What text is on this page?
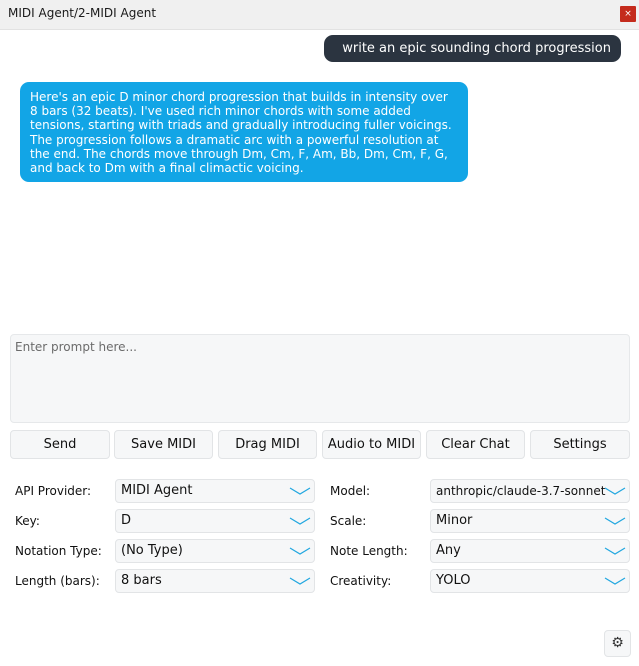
MIDI Agent/2-MIDI Agent	×
write an epic sounding chord progression
Here's an epic D minor chord progression that builds in intensity over 8 bars (32 beats). I've used rich minor chords with some added tensions, starting with triads and gradually introducing fuller voicings. The progression follows a dramatic arc with a powerful resolution at the end. The chords move through Dm, Cm, F, Am, Bb, Dm, Cm, F, G, and back to Dm with a final climactic voicing.
Enter prompt here...
Send	Save MIDI	Drag MIDI	Audio to MIDI	Clear Chat	Settings
API Provider:	MIDI Agent
Key:	D
Notation Type:	(No Type)
Length (bars):	8 bars
Model:	anthropic/claude-3.7-sonnet
Scale:	Minor
Note Length:	Any
Creativity:	YOLO
⚙
